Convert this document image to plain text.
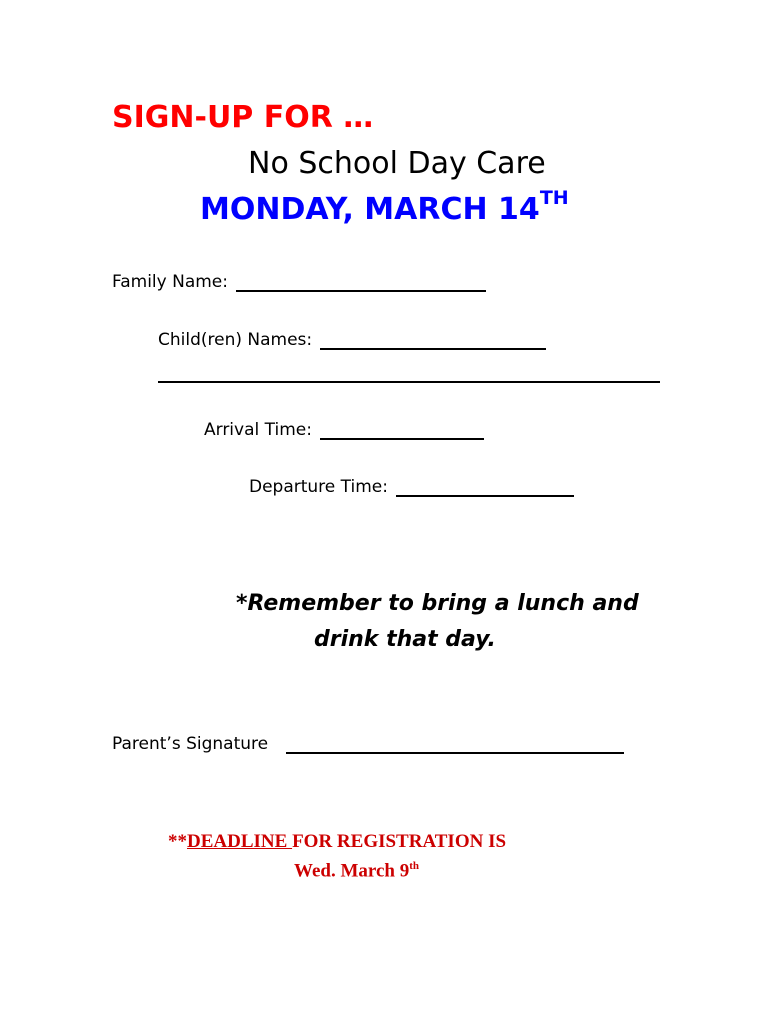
SIGN-UP FOR …
No School Day Care
MONDAY, MARCH 14TH
Family Name:
Child(ren) Names:
Arrival Time:
Departure Time:
*Remember to bring a lunch and
drink that day.
Parent’s Signature
**DEADLINE FOR REGISTRATION IS
Wed. March 9th
